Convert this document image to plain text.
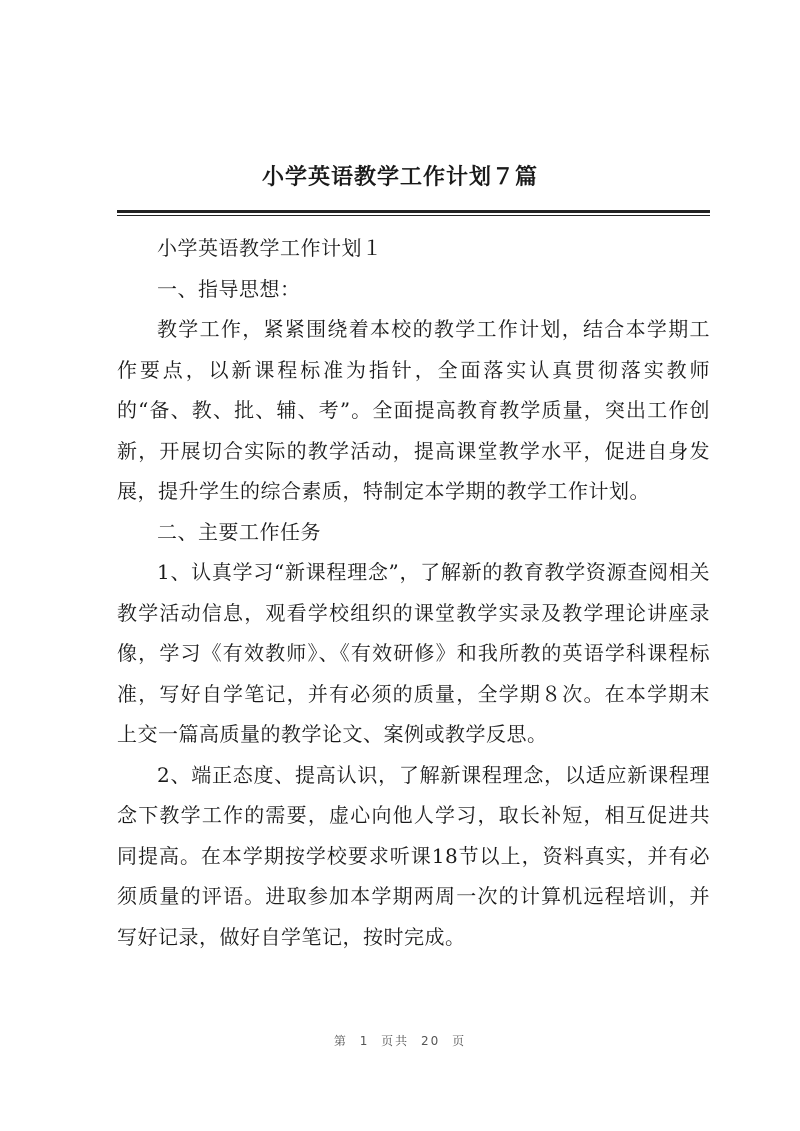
小学英语教学工作计划７篇

小学英语教学工作计划１

一、指导思想：

教学工作，紧紧围绕着本校的教学工作计划，结合本学期工作要点，以新课程标准为指针，全面落实认真贯彻落实教师的“备、教、批、辅、考”。全面提高教育教学质量，突出工作创新，开展切合实际的教学活动，提高课堂教学水平，促进自身发展，提升学生的综合素质，特制定本学期的教学工作计划。

二、主要工作任务

1、认真学习“新课程理念”，了解新的教育教学资源查阅相关教学活动信息，观看学校组织的课堂教学实录及教学理论讲座录像，学习《有效教师》、《有效研修》和我所教的英语学科课程标准，写好自学笔记，并有必须的质量，全学期８次。在本学期末上交一篇高质量的教学论文、案例或教学反思。

2、端正态度、提高认识，了解新课程理念，以适应新课程理念下教学工作的需要，虚心向他人学习，取长补短，相互促进共同提高。在本学期按学校要求听课18节以上，资料真实，并有必须质量的评语。进取参加本学期两周一次的计算机远程培训，并写好记录，做好自学笔记，按时完成。

第 1 页共 20 页
